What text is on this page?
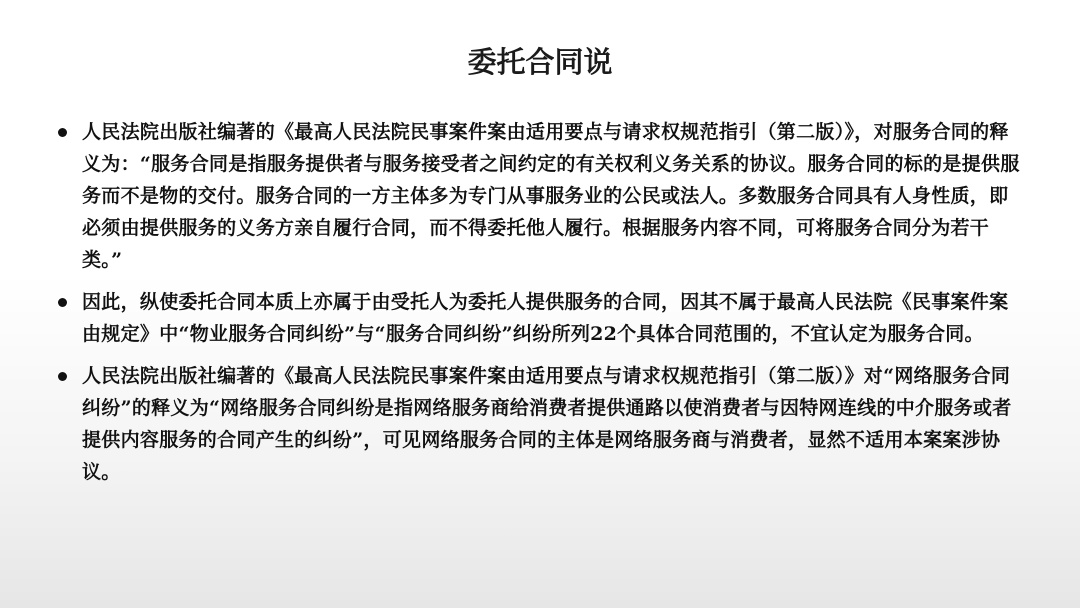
委托合同说
人民法院出版社编著的《最高人民法院民事案件案由适用要点与请求权规范指引（第二版）》，对服务合同的释义为：“服务合同是指服务提供者与服务接受者之间约定的有关权利义务关系的协议。服务合同的标的是提供服务而不是物的交付。服务合同的一方主体多为专门从事服务业的公民或法人。多数服务合同具有人身性质，即必须由提供服务的义务方亲自履行合同，而不得委托他人履行。根据服务内容不同，可将服务合同分为若干类。”
因此，纵使委托合同本质上亦属于由受托人为委托人提供服务的合同，因其不属于最高人民法院《民事案件案由规定》中“物业服务合同纠纷”与“服务合同纠纷”纠纷所列22个具体合同范围的，不宜认定为服务合同。
人民法院出版社编著的《最高人民法院民事案件案由适用要点与请求权规范指引（第二版）》对“网络服务合同纠纷”的释义为“网络服务合同纠纷是指网络服务商给消费者提供通路以使消费者与因特网连线的中介服务或者提供内容服务的合同产生的纠纷”，可见网络服务合同的主体是网络服务商与消费者，显然不适用本案案涉协议。
